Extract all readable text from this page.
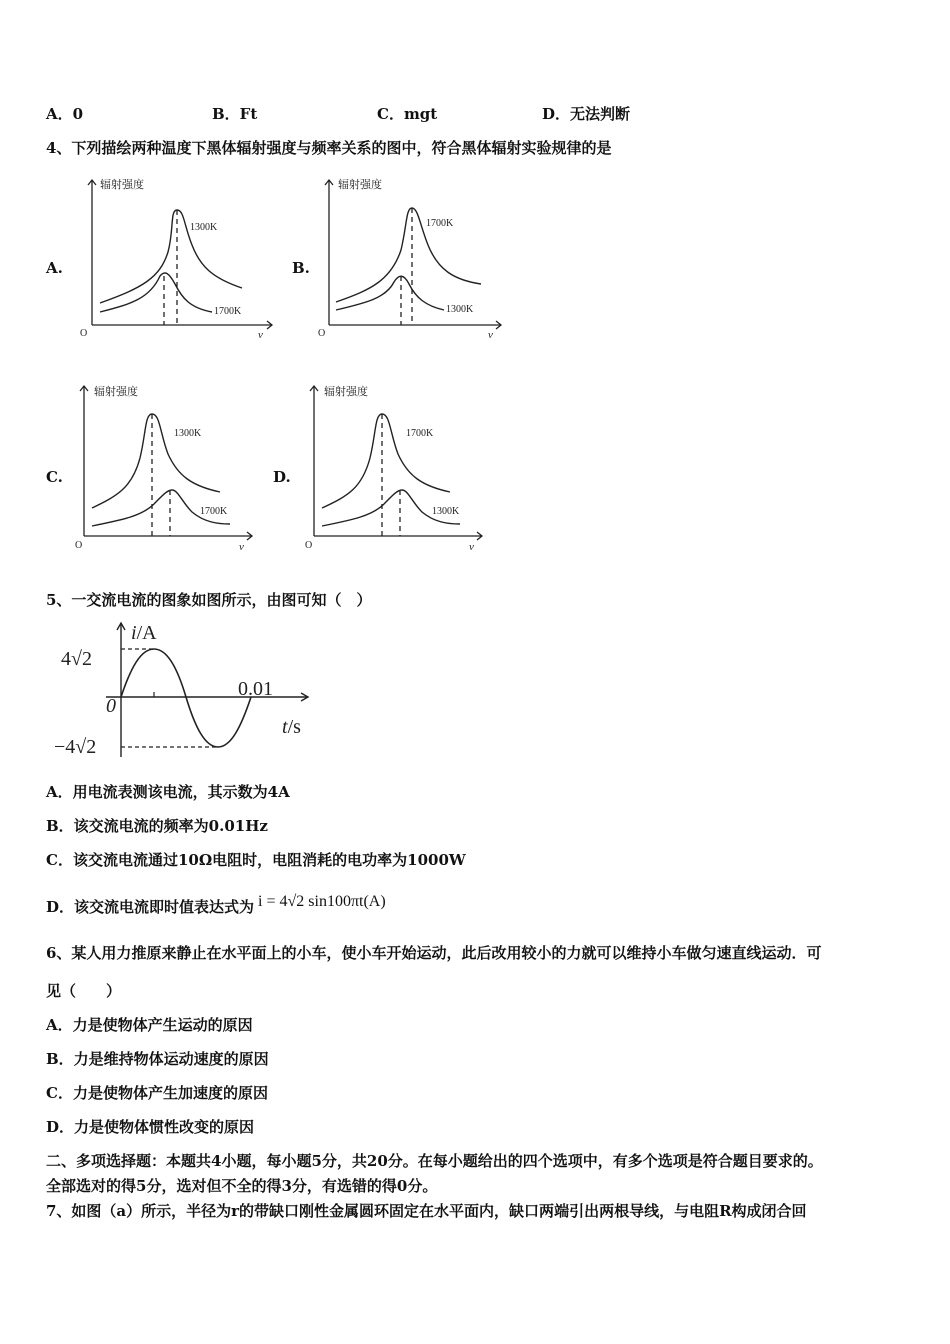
A．0	B．Ft	C．mgt	D．无法判断
4、下列描绘两种温度下黑体辐射强度与频率关系的图中，符合黑体辐射实验规律的是
A.	B.
C.	D.
辐射强度
1300K
1700K
O	ν
辐射强度
1700K
1300K
O	ν
辐射强度
1300K
1700K
O	ν
辐射强度
1700K
1300K
O	ν
5、一交流电流的图象如图所示，由图可知（　）
i/A
4√2
−4√2
0
0.01
t/s
A．用电流表测该电流，其示数为4A
B．该交流电流的频率为0.01Hz
C．该交流电流通过10Ω电阻时，电阻消耗的电功率为1000W
D．该交流电流即时值表达式为 i = 4√2 sin100πt(A)
6、某人用力推原来静止在水平面上的小车，使小车开始运动，此后改用较小的力就可以维持小车做匀速直线运动．可
见（　　）
A．力是使物体产生运动的原因
B．力是维持物体运动速度的原因
C．力是使物体产生加速度的原因
D．力是使物体惯性改变的原因
二、多项选择题：本题共4小题，每小题5分，共20分。在每小题给出的四个选项中，有多个选项是符合题目要求的。
全部选对的得5分，选对但不全的得3分，有选错的得0分。
7、如图（a）所示，半径为r的带缺口刚性金属圆环固定在水平面内，缺口两端引出两根导线，与电阻R构成闭合回
